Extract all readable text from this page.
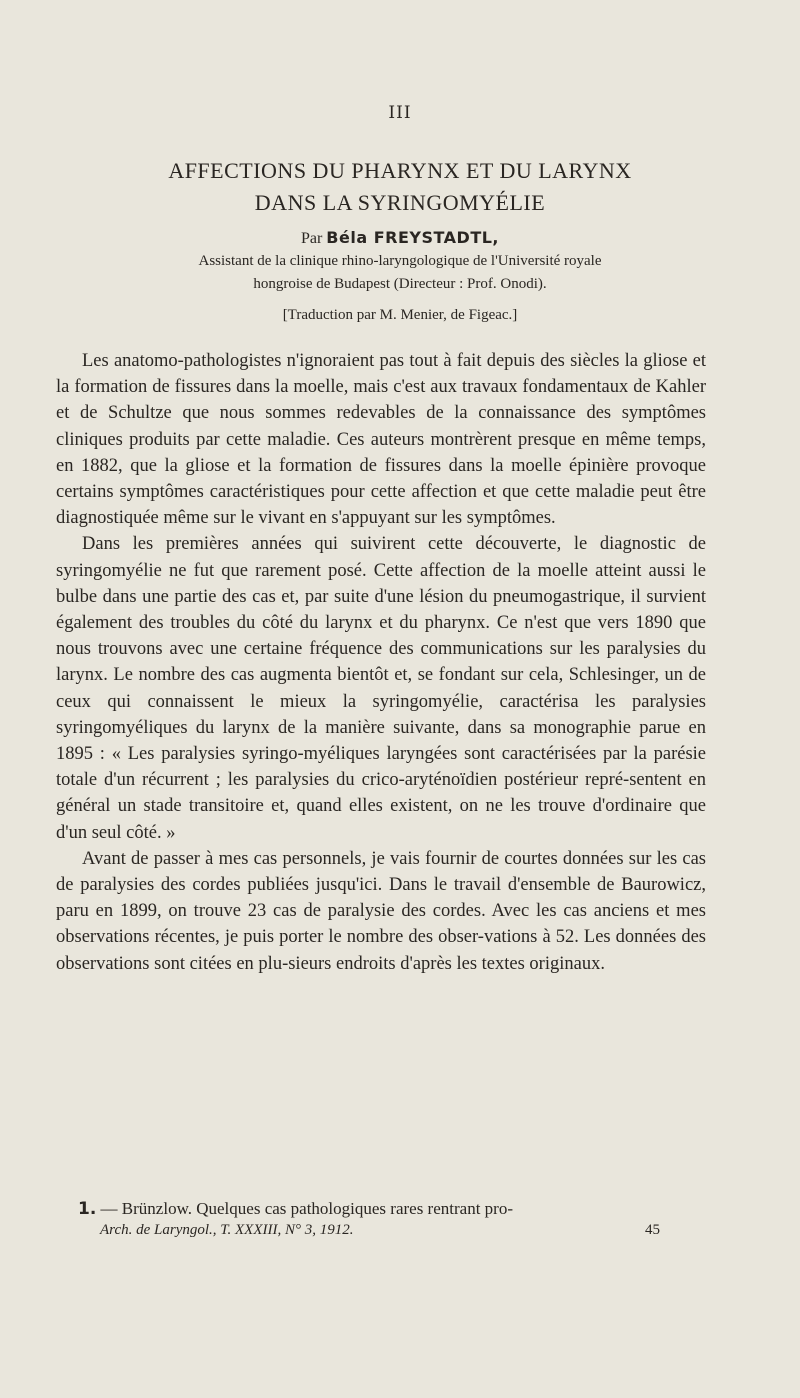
III
AFFECTIONS DU PHARYNX ET DU LARYNX
DANS LA SYRINGOMYÉLIE
Par Béla FREYSTADTL,
Assistant de la clinique rhino-laryngologique de l'Université royale
hongroise de Budapest (Directeur : Prof. Onodi).
[Traduction par M. Menier, de Figeac.]

Les anatomo-pathologistes n'ignoraient pas tout à fait depuis des siècles la gliose et la formation de fissures dans la moelle, mais c'est aux travaux fondamentaux de Kahler et de Schultze que nous sommes redevables de la connaissance des symptômes cliniques produits par cette maladie. Ces auteurs montrèrent presque en même temps, en 1882, que la gliose et la formation de fissures dans la moelle épinière provoque certains symptômes caractéristiques pour cette affection et que cette maladie peut être diagnostiquée même sur le vivant en s'appuyant sur les symptômes.

Dans les premières années qui suivirent cette découverte, le diagnostic de syringomyélie ne fut que rarement posé. Cette affection de la moelle atteint aussi le bulbe dans une partie des cas et, par suite d'une lésion du pneumogastrique, il survient également des troubles du côté du larynx et du pharynx. Ce n'est que vers 1890 que nous trouvons avec une certaine fréquence des communications sur les paralysies du larynx. Le nombre des cas augmenta bientôt et, se fondant sur cela, Schlesinger, un de ceux qui connaissent le mieux la syringomyélie, caractérisa les paralysies syringomyéliques du larynx de la manière suivante, dans sa monographie parue en 1895 : « Les paralysies syringo-myéliques laryngées sont caractérisées par la parésie totale d'un récurrent ; les paralysies du crico-aryténoïdien postérieur repré-sentent en général un stade transitoire et, quand elles existent, on ne les trouve d'ordinaire que d'un seul côté. »

Avant de passer à mes cas personnels, je vais fournir de courtes données sur les cas de paralysies des cordes publiées jusqu'ici. Dans le travail d'ensemble de Baurowicz, paru en 1899, on trouve 23 cas de paralysie des cordes. Avec les cas anciens et mes observations récentes, je puis porter le nombre des obser-vations à 52. Les données des observations sont citées en plu-sieurs endroits d'après les textes originaux.

1. — Brünzlow. Quelques cas pathologiques rares rentrant pro-
Arch. de Laryngol., T. XXXIII, N° 3, 1912.	45
